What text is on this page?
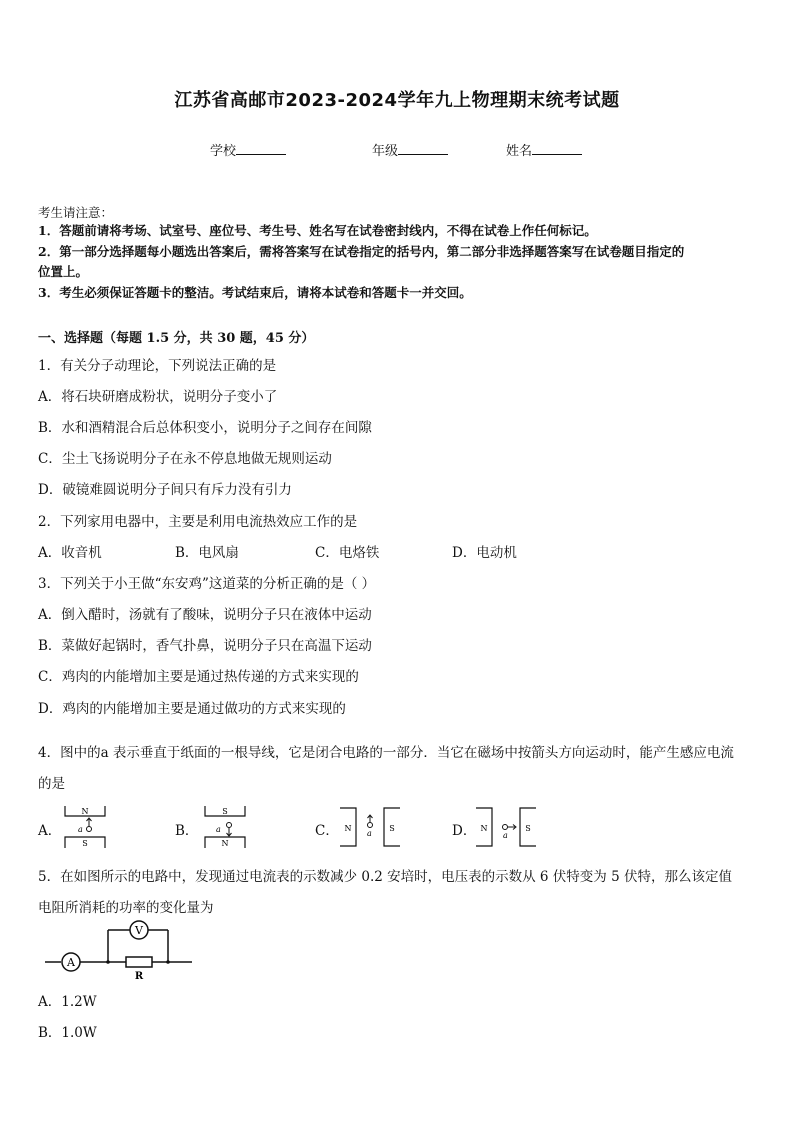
江苏省高邮市2023-2024学年九上物理期末统考试题
学校	年级	姓名
考生请注意：
1．答题前请将考场、试室号、座位号、考生号、姓名写在试卷密封线内，不得在试卷上作任何标记。
2．第一部分选择题每小题选出答案后，需将答案写在试卷指定的括号内，第二部分非选择题答案写在试卷题目指定的
位置上。
3．考生必须保证答题卡的整洁。考试结束后，请将本试卷和答题卡一并交回。
一、选择题（每题 1.5 分，共 30 题，45 分）
1．有关分子动理论，下列说法正确的是
A．将石块研磨成粉状，说明分子变小了
B．水和酒精混合后总体积变小，说明分子之间存在间隙
C．尘土飞扬说明分子在永不停息地做无规则运动
D．破镜难圆说明分子间只有斥力没有引力
2．下列家用电器中，主要是利用电流热效应工作的是
A．收音机	B．电风扇	C．电烙铁	D．电动机
3．下列关于小王做“东安鸡”这道菜的分析正确的是（ ）
A．倒入醋时，汤就有了酸味，说明分子只在液体中运动
B．菜做好起锅时，香气扑鼻，说明分子只在高温下运动
C．鸡肉的内能增加主要是通过热传递的方式来实现的
D．鸡肉的内能增加主要是通过做功的方式来实现的
4．图中的a 表示垂直于纸面的一根导线，它是闭合电路的一部分．当它在磁场中按箭头方向运动时，能产生感应电流
的是
A．
N
S
a	B．
S
N
a	C． N	S
a	D． N	S
a
5．在如图所示的电路中，发现通过电流表的示数减少 0.2 安培时，电压表的示数从 6 伏特变为 5 伏特，那么该定值
电阻所消耗的功率的变化量为
A
V
R
A．1.2W
B．1.0W
